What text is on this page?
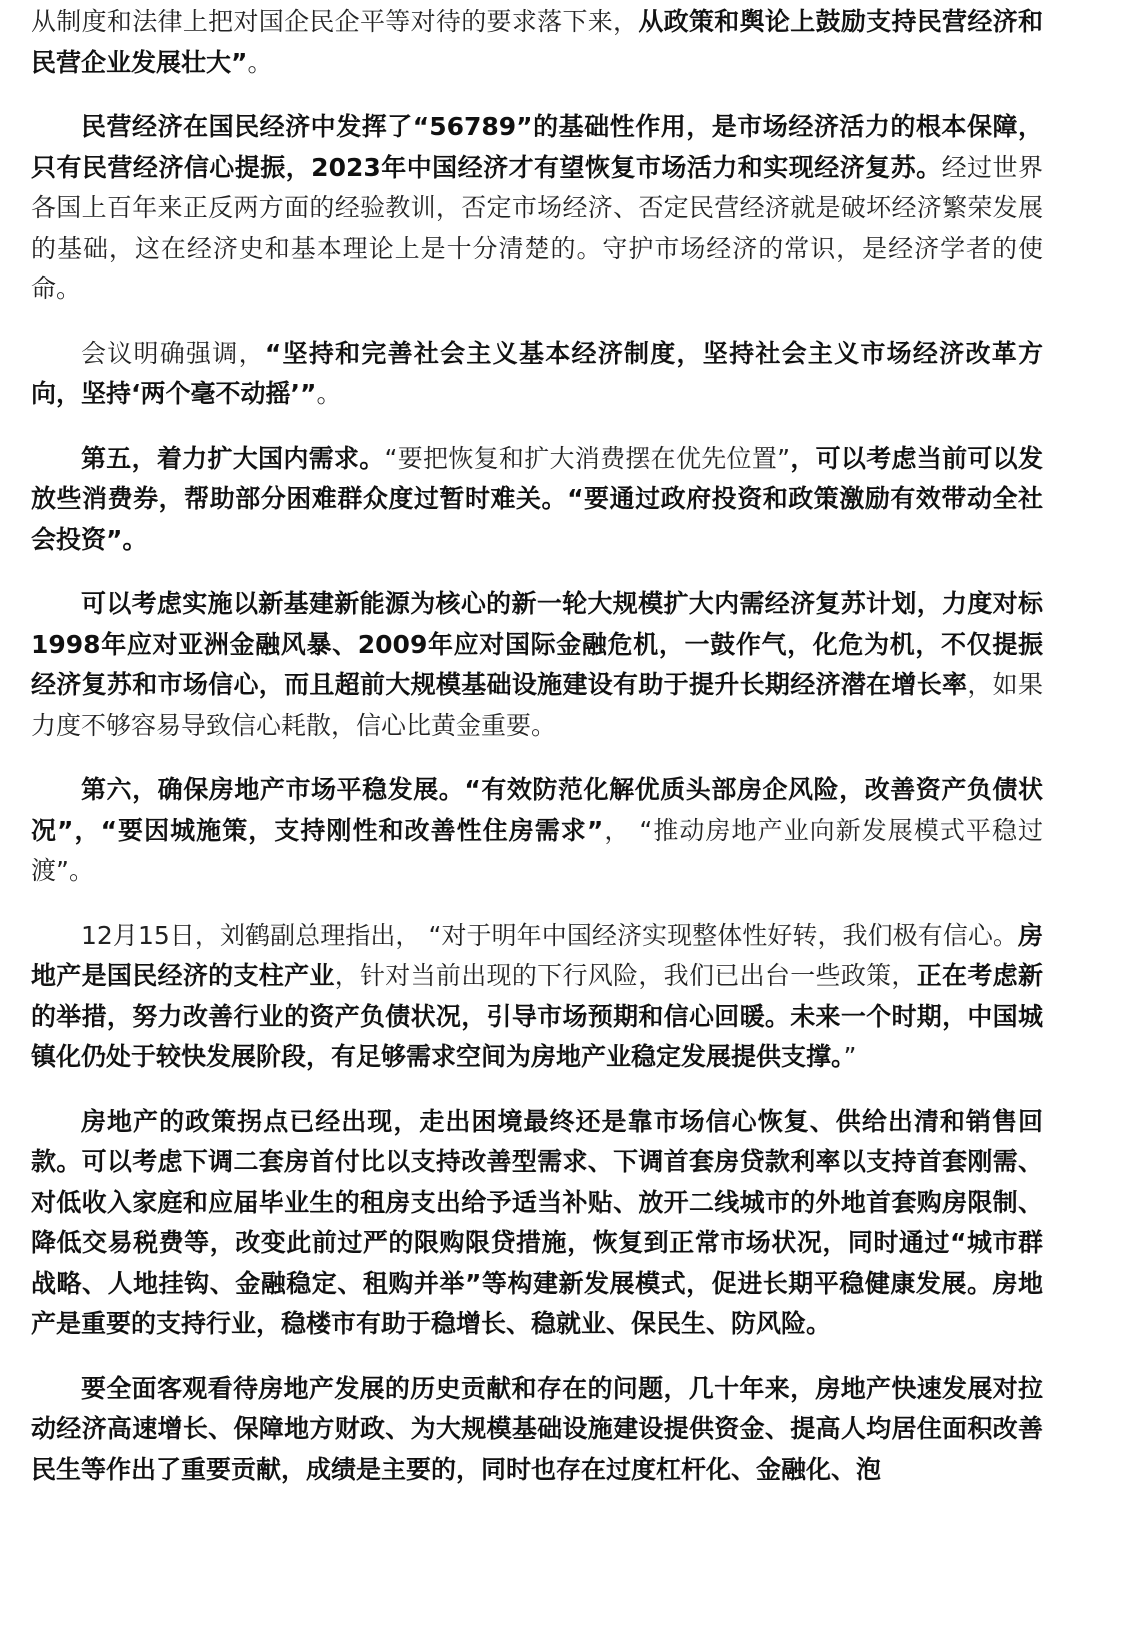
从制度和法律上把对国企民企平等对待的要求落下来，从政策和舆论上鼓励支持民营经济和民营企业发展壮大”。

民营经济在国民经济中发挥了“56789”的基础性作用，是市场经济活力的根本保障，只有民营经济信心提振，2023年中国经济才有望恢复市场活力和实现经济复苏。经过世界各国上百年来正反两方面的经验教训，否定市场经济、否定民营经济就是破坏经济繁荣发展的基础，这在经济史和基本理论上是十分清楚的。守护市场经济的常识，是经济学者的使命。

会议明确强调，“坚持和完善社会主义基本经济制度，坚持社会主义市场经济改革方向，坚持‘两个毫不动摇’”。

第五，着力扩大国内需求。“要把恢复和扩大消费摆在优先位置”，可以考虑当前可以发放些消费券，帮助部分困难群众度过暂时难关。“要通过政府投资和政策激励有效带动全社会投资”。

可以考虑实施以新基建新能源为核心的新一轮大规模扩大内需经济复苏计划，力度对标1998年应对亚洲金融风暴、2009年应对国际金融危机，一鼓作气，化危为机，不仅提振经济复苏和市场信心，而且超前大规模基础设施建设有助于提升长期经济潜在增长率，如果力度不够容易导致信心耗散，信心比黄金重要。

第六，确保房地产市场平稳发展。“有效防范化解优质头部房企风险，改善资产负债状况”，“要因城施策，支持刚性和改善性住房需求”， “推动房地产业向新发展模式平稳过渡”。

12月15日，刘鹤副总理指出， “对于明年中国经济实现整体性好转，我们极有信心。房地产是国民经济的支柱产业，针对当前出现的下行风险，我们已出台一些政策，正在考虑新的举措，努力改善行业的资产负债状况，引导市场预期和信心回暖。未来一个时期，中国城镇化仍处于较快发展阶段，有足够需求空间为房地产业稳定发展提供支撑。”

房地产的政策拐点已经出现，走出困境最终还是靠市场信心恢复、供给出清和销售回款。可以考虑下调二套房首付比以支持改善型需求、下调首套房贷款利率以支持首套刚需、对低收入家庭和应届毕业生的租房支出给予适当补贴、放开二线城市的外地首套购房限制、降低交易税费等，改变此前过严的限购限贷措施，恢复到正常市场状况，同时通过“城市群战略、人地挂钩、金融稳定、租购并举”等构建新发展模式，促进长期平稳健康发展。房地产是重要的支持行业，稳楼市有助于稳增长、稳就业、保民生、防风险。

要全面客观看待房地产发展的历史贡献和存在的问题，几十年来，房地产快速发展对拉动经济高速增长、保障地方财政、为大规模基础设施建设提供资金、提高人均居住面积改善民生等作出了重要贡献，成绩是主要的，同时也存在过度杠杆化、金融化、泡
